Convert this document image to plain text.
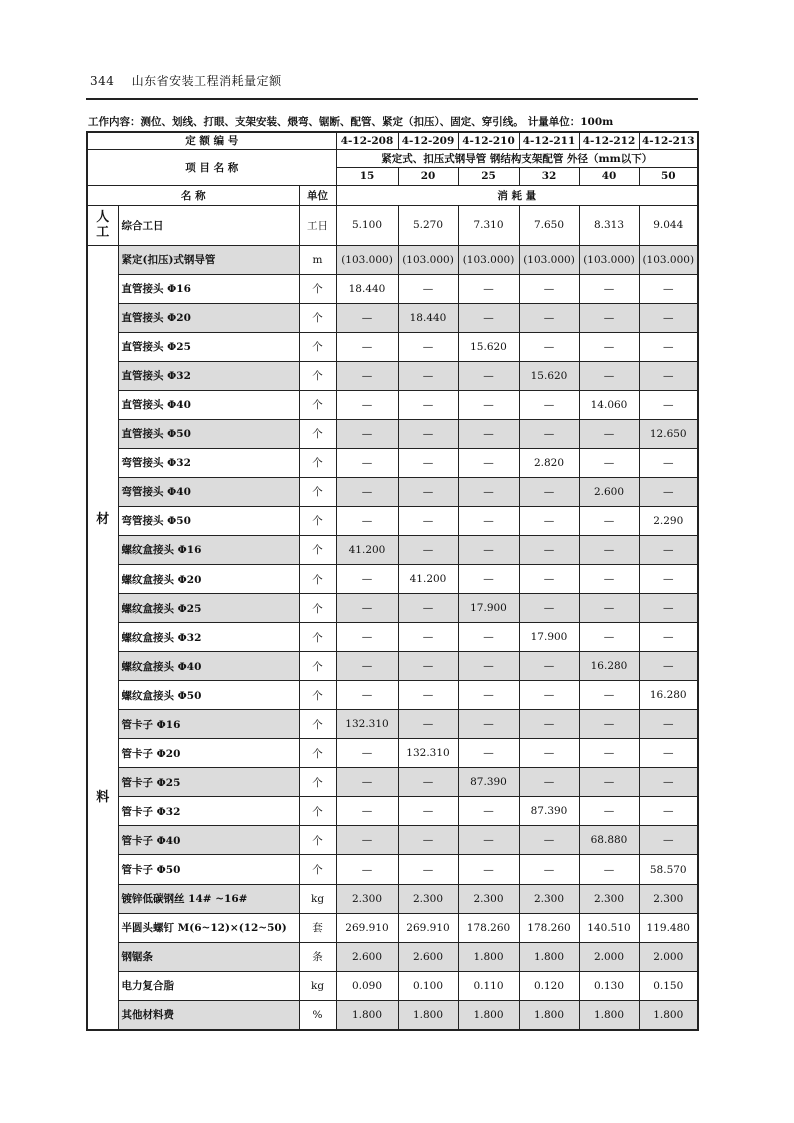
344 山东省安装工程消耗量定额
工作内容：测位、划线、打眼、支架安装、煨弯、锯断、配管、紧定（扣压）、固定、穿引线。 计量单位：100m
定 额 编 号			4-12-208	4-12-209	4-12-210	4-12-211	4-12-212	4-12-213
项 目 名 称			紧定式、扣压式钢导管 钢结构支架配管 外径（mm以下）					
			15	20	25	32	40	50
名 称		单位	消 耗 量					
人工	综合工日	工日	5.100	5.270	7.310	7.650	8.313	9.044

材
料	紧定(扣压)式钢导管	m	(103.000)	(103.000)	(103.000)	(103.000)	(103.000)	(103.000)
	直管接头 Φ16	个	18.440	—	—	—	—	—
	直管接头 Φ20	个	—	18.440	—	—	—	—
	直管接头 Φ25	个	—	—	15.620	—	—	—
	直管接头 Φ32	个	—	—	—	15.620	—	—
	直管接头 Φ40	个	—	—	—	—	14.060	—
	直管接头 Φ50	个	—	—	—	—	—	12.650
	弯管接头 Φ32	个	—	—	—	2.820	—	—
	弯管接头 Φ40	个	—	—	—	—	2.600	—
	弯管接头 Φ50	个	—	—	—	—	—	2.290
	螺纹盒接头 Φ16	个	41.200	—	—	—	—	—
	螺纹盒接头 Φ20	个	—	41.200	—	—	—	—
	螺纹盒接头 Φ25	个	—	—	17.900	—	—	—
	螺纹盒接头 Φ32	个	—	—	—	17.900	—	—
	螺纹盒接头 Φ40	个	—	—	—	—	16.280	—
	螺纹盒接头 Φ50	个	—	—	—	—	—	16.280
	管卡子 Φ16	个	132.310	—	—	—	—	—
	管卡子 Φ20	个	—	132.310	—	—	—	—
	管卡子 Φ25	个	—	—	87.390	—	—	—
	管卡子 Φ32	个	—	—	—	87.390	—	—
	管卡子 Φ40	个	—	—	—	—	68.880	—
	管卡子 Φ50	个	—	—	—	—	—	58.570
	镀锌低碳钢丝 14# ~16#	kg	2.300	2.300	2.300	2.300	2.300	2.300
	半圆头螺钉 M(6~12)×(12~50)	套	269.910	269.910	178.260	178.260	140.510	119.480
	钢锯条	条	2.600	2.600	1.800	1.800	2.000	2.000
	电力复合脂	kg	0.090	0.100	0.110	0.120	0.130	0.150
	其他材料费	%	1.800	1.800	1.800	1.800	1.800	1.800
